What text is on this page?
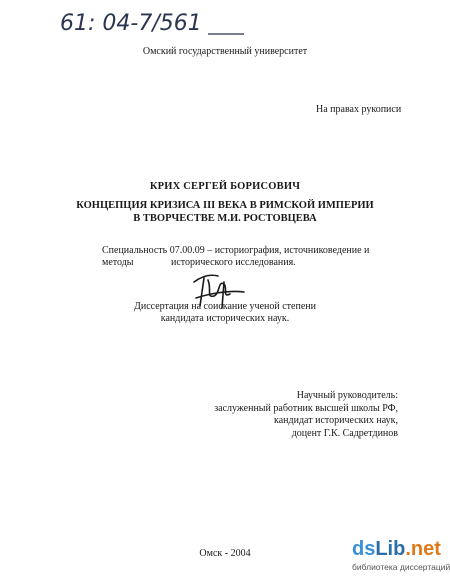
61: 04-7/561
Омский государственный университет
На правах рукописи
КРИХ СЕРГЕЙ БОРИСОВИЧ
КОНЦЕПЦИЯ КРИЗИСА III ВЕКА В РИМСКОЙ ИМПЕРИИ
В ТВОРЧЕСТВЕ М.И. РОСТОВЦЕВА
Специальность 07.00.09 – историография, источниковедение и методы	исторического исследования.
Диссертация на соискание ученой степени
кандидата исторических наук.
Научный руководитель:
заслуженный работник высшей школы РФ,
кандидат исторических наук,
доцент Г.К. Садретдинов
Омск - 2004	dsLib.net
библиотека диссертаций
